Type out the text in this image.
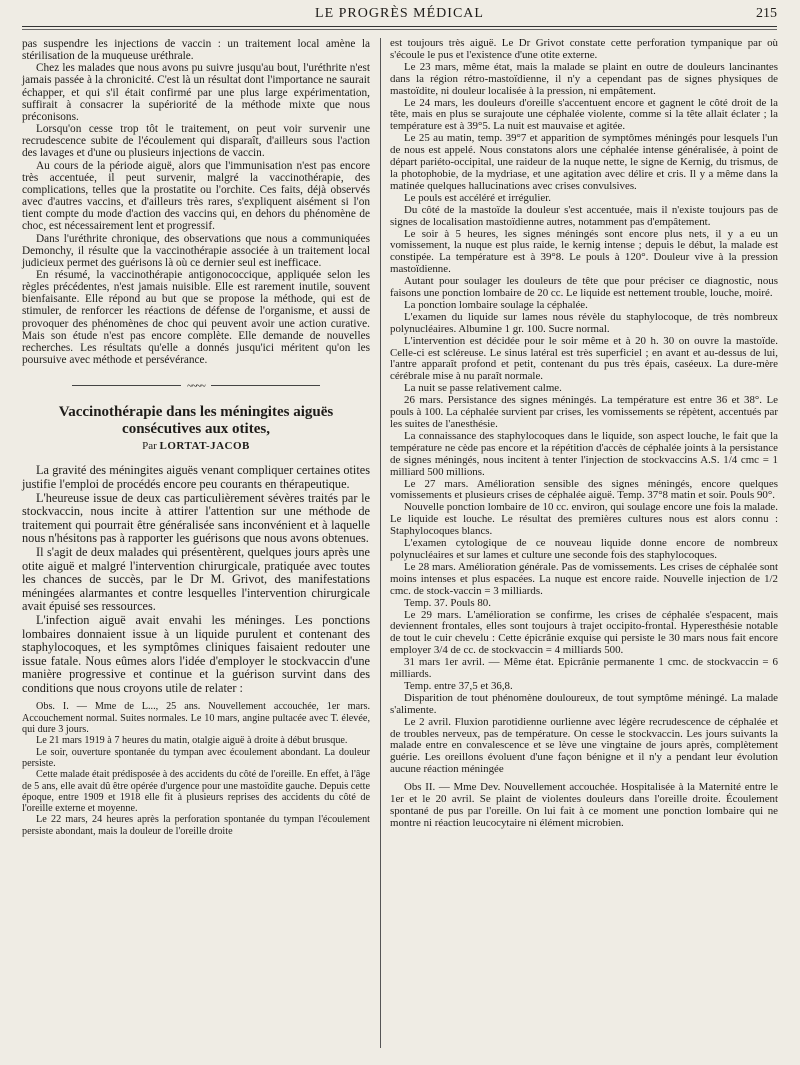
LE PROGRÈS MÉDICAL	215

pas suspendre les injections de vaccin : un traitement local amène la stérilisation de la muqueuse uréthrale.

Chez les malades que nous avons pu suivre jusqu'au bout, l'uréthrite n'est jamais passée à la chronicité. C'est là un résultat dont l'importance ne saurait échapper, et qui s'il était confirmé par une plus large expérimentation, suffirait à consacrer la supériorité de la méthode mixte que nous préconisons.

Lorsqu'on cesse trop tôt le traitement, on peut voir survenir une recrudescence subite de l'écoulement qui disparaît, d'ailleurs sous l'action des lavages et d'une ou plusieurs injections de vaccin.

Au cours de la période aiguë, alors que l'immunisation n'est pas encore très accentuée, il peut survenir, malgré la vaccinothérapie, des complications, telles que la prostatite ou l'orchite. Ces faits, déjà observés avec d'autres vaccins, et d'ailleurs très rares, s'expliquent aisément si l'on tient compte du mode d'action des vaccins qui, en dehors du phénomène de choc, est nécessairement lent et progressif.

Dans l'uréthrite chronique, des observations que nous a communiquées Demonchy, il résulte que la vaccinothérapie associée à un traitement local judicieux permet des guérisons là où ce dernier seul est inefficace.

En résumé, la vaccinothérapie antigonococcique, appliquée selon les règles précédentes, n'est jamais nuisible. Elle est rarement inutile, souvent bienfaisante. Elle répond au but que se propose la méthode, qui est de stimuler, de renforcer les réactions de défense de l'organisme, et aussi de provoquer des phénomènes de choc qui peuvent avoir une action curative. Mais son étude n'est pas encore complète. Elle demande de nouvelles recherches. Les résultats qu'elle a donnés jusqu'ici méritent qu'on les poursuive avec méthode et persévérance.

~~~~
Vaccinothérapie dans les méningites aiguës consécutives aux otites,
Par LORTAT-JACOB

La gravité des méningites aiguës venant compliquer certaines otites justifie l'emploi de procédés encore peu courants en thérapeutique.

L'heureuse issue de deux cas particulièrement sévères traités par le stockvaccin, nous incite à attirer l'attention sur une méthode de traitement qui pourrait être généralisée sans inconvénient et à laquelle nous n'hésitons pas à rapporter les guérisons que nous avons obtenues.

Il s'agit de deux malades qui présentèrent, quelques jours après une otite aiguë et malgré l'intervention chirurgicale, pratiquée avec toutes les chances de succès, par le Dr M. Grivot, des manifestations méningées alarmantes et contre lesquelles l'intervention chirurgicale avait épuisé ses ressources.

L'infection aiguë avait envahi les méninges. Les ponctions lombaires donnaient issue à un liquide purulent et contenant des staphylocoques, et les symptômes cliniques faisaient redouter une issue fatale. Nous eûmes alors l'idée d'employer le stockvaccin d'une manière progressive et continue et la guérison survint dans des conditions que nous croyons utile de relater :

Obs. I. — Mme de L..., 25 ans. Nouvellement accouchée, 1er mars. Accouchement normal. Suites normales. Le 10 mars, angine pultacée avec T. élevée, qui dure 3 jours.

Le 21 mars 1919 à 7 heures du matin, otalgie aiguë à droite à début brusque.

Le soir, ouverture spontanée du tympan avec écoulement abondant. La douleur persiste.

Cette malade était prédisposée à des accidents du côté de l'oreille. En effet, à l'âge de 5 ans, elle avait dû être opérée d'urgence pour une mastoïdite gauche. Depuis cette époque, entre 1909 et 1918 elle fit à plusieurs reprises des accidents du côté de l'oreille externe et moyenne.

Le 22 mars, 24 heures après la perforation spontanée du tympan l'écoulement persiste abondant, mais la douleur de l'oreille droite

est toujours très aiguë. Le Dr Grivot constate cette perforation tympanique par où s'écoule le pus et l'existence d'une otite externe.

Le 23 mars, même état, mais la malade se plaint en outre de douleurs lancinantes dans la région rétro-mastoïdienne, il n'y a cependant pas de signes physiques de mastoïdite, ni douleur localisée à la pression, ni empâtement.

Le 24 mars, les douleurs d'oreille s'accentuent encore et gagnent le côté droit de la tête, mais en plus se surajoute une céphalée violente, comme si la tête allait éclater ; la température est à 39°5. La nuit est mauvaise et agitée.

Le 25 au matin, temp. 39°7 et apparition de symptômes méningés pour lesquels l'un de nous est appelé. Nous constatons alors une céphalée intense généralisée, à point de départ pariéto-occipital, une raideur de la nuque nette, le signe de Kernig, du trismus, de la photophobie, de la mydriase, et une agitation avec délire et cris. Il y a même dans la matinée quelques hallucinations avec crises convulsives.

Le pouls est accéléré et irrégulier.

Du côté de la mastoïde la douleur s'est accentuée, mais il n'existe toujours pas de signes de localisation mastoïdienne autres, notamment pas d'empâtement.

Le soir à 5 heures, les signes méningés sont encore plus nets, il y a eu un vomissement, la nuque est plus raide, le kernig intense ; depuis le début, la malade est constipée. La température est à 39°8. Le pouls à 120°. Douleur vive à la pression mastoïdienne.

Autant pour soulager les douleurs de tête que pour préciser ce diagnostic, nous faisons une ponction lombaire de 20 cc. Le liquide est nettement trouble, louche, moiré.

La ponction lombaire soulage la céphalée.

L'examen du liquide sur lames nous révèle du staphylocoque, de très nombreux polynucléaires. Albumine 1 gr. 100. Sucre normal.

L'intervention est décidée pour le soir même et à 20 h. 30 on ouvre la mastoïde. Celle-ci est scléreuse. Le sinus latéral est très superficiel ; en avant et au-dessus de lui, l'antre apparaît profond et petit, contenant du pus très épais, caséeux. La dure-mère cérébrale mise à nu paraît normale.

La nuit se passe relativement calme.

26 mars. Persistance des signes méningés. La température est entre 36 et 38°. Le pouls à 100. La céphalée survient par crises, les vomissements se répètent, accentués par les suites de l'anesthésie.

La connaissance des staphylocoques dans le liquide, son aspect louche, le fait que la température ne cède pas encore et la répétition d'accès de céphalée joints à la persistance de signes méningés, nous incitent à tenter l'injection de stockvaccins A.S. 1/4 cmc = 1 milliard 500 millions.

Le 27 mars. Amélioration sensible des signes méningés, encore quelques vomissements et plusieurs crises de céphalée aiguë. Temp. 37°8 matin et soir. Pouls 90°.

Nouvelle ponction lombaire de 10 cc. environ, qui soulage encore une fois la malade. Le liquide est louche. Le résultat des premières cultures nous est alors connu : Staphylocoques blancs.

L'examen cytologique de ce nouveau liquide donne encore de nombreux polynucléaires et sur lames et culture une seconde fois des staphylocoques.

Le 28 mars. Amélioration générale. Pas de vomissements. Les crises de céphalée sont moins intenses et plus espacées. La nuque est encore raide. Nouvelle injection de 1/2 cmc. de stock-vaccin = 3 milliards.

Temp. 37. Pouls 80.

Le 29 mars. L'amélioration se confirme, les crises de céphalée s'espacent, mais deviennent frontales, elles sont toujours à trajet occipito-frontal. Hyperesthésie notable de tout le cuir chevelu : Cette épicrânie exquise qui persiste le 30 mars nous fait encore employer 3/4 de cc. de stockvaccin = 4 milliards 500.

31 mars 1er avril. — Même état. Epicrânie permanente 1 cmc. de stockvaccin = 6 milliards.

Temp. entre 37,5 et 36,8.

Disparition de tout phénomène douloureux, de tout symptôme méningé. La malade s'alimente.

Le 2 avril. Fluxion parotidienne ourlienne avec légère recrudescence de céphalée et de troubles nerveux, pas de température. On cesse le stockvaccin. Les jours suivants la malade entre en convalescence et se lève une vingtaine de jours après, complètement guérie. Les oreillons évoluent d'une façon bénigne et il n'y a pendant leur évolution aucune réaction méningée

Obs II. — Mme Dev. Nouvellement accouchée. Hospitalisée à la Maternité entre le 1er et le 20 avril. Se plaint de violentes douleurs dans l'oreille droite. Écoulement spontané de pus par l'oreille. On lui fait à ce moment une ponction lombaire qui ne montre ni réaction leucocytaire ni élément microbien.
